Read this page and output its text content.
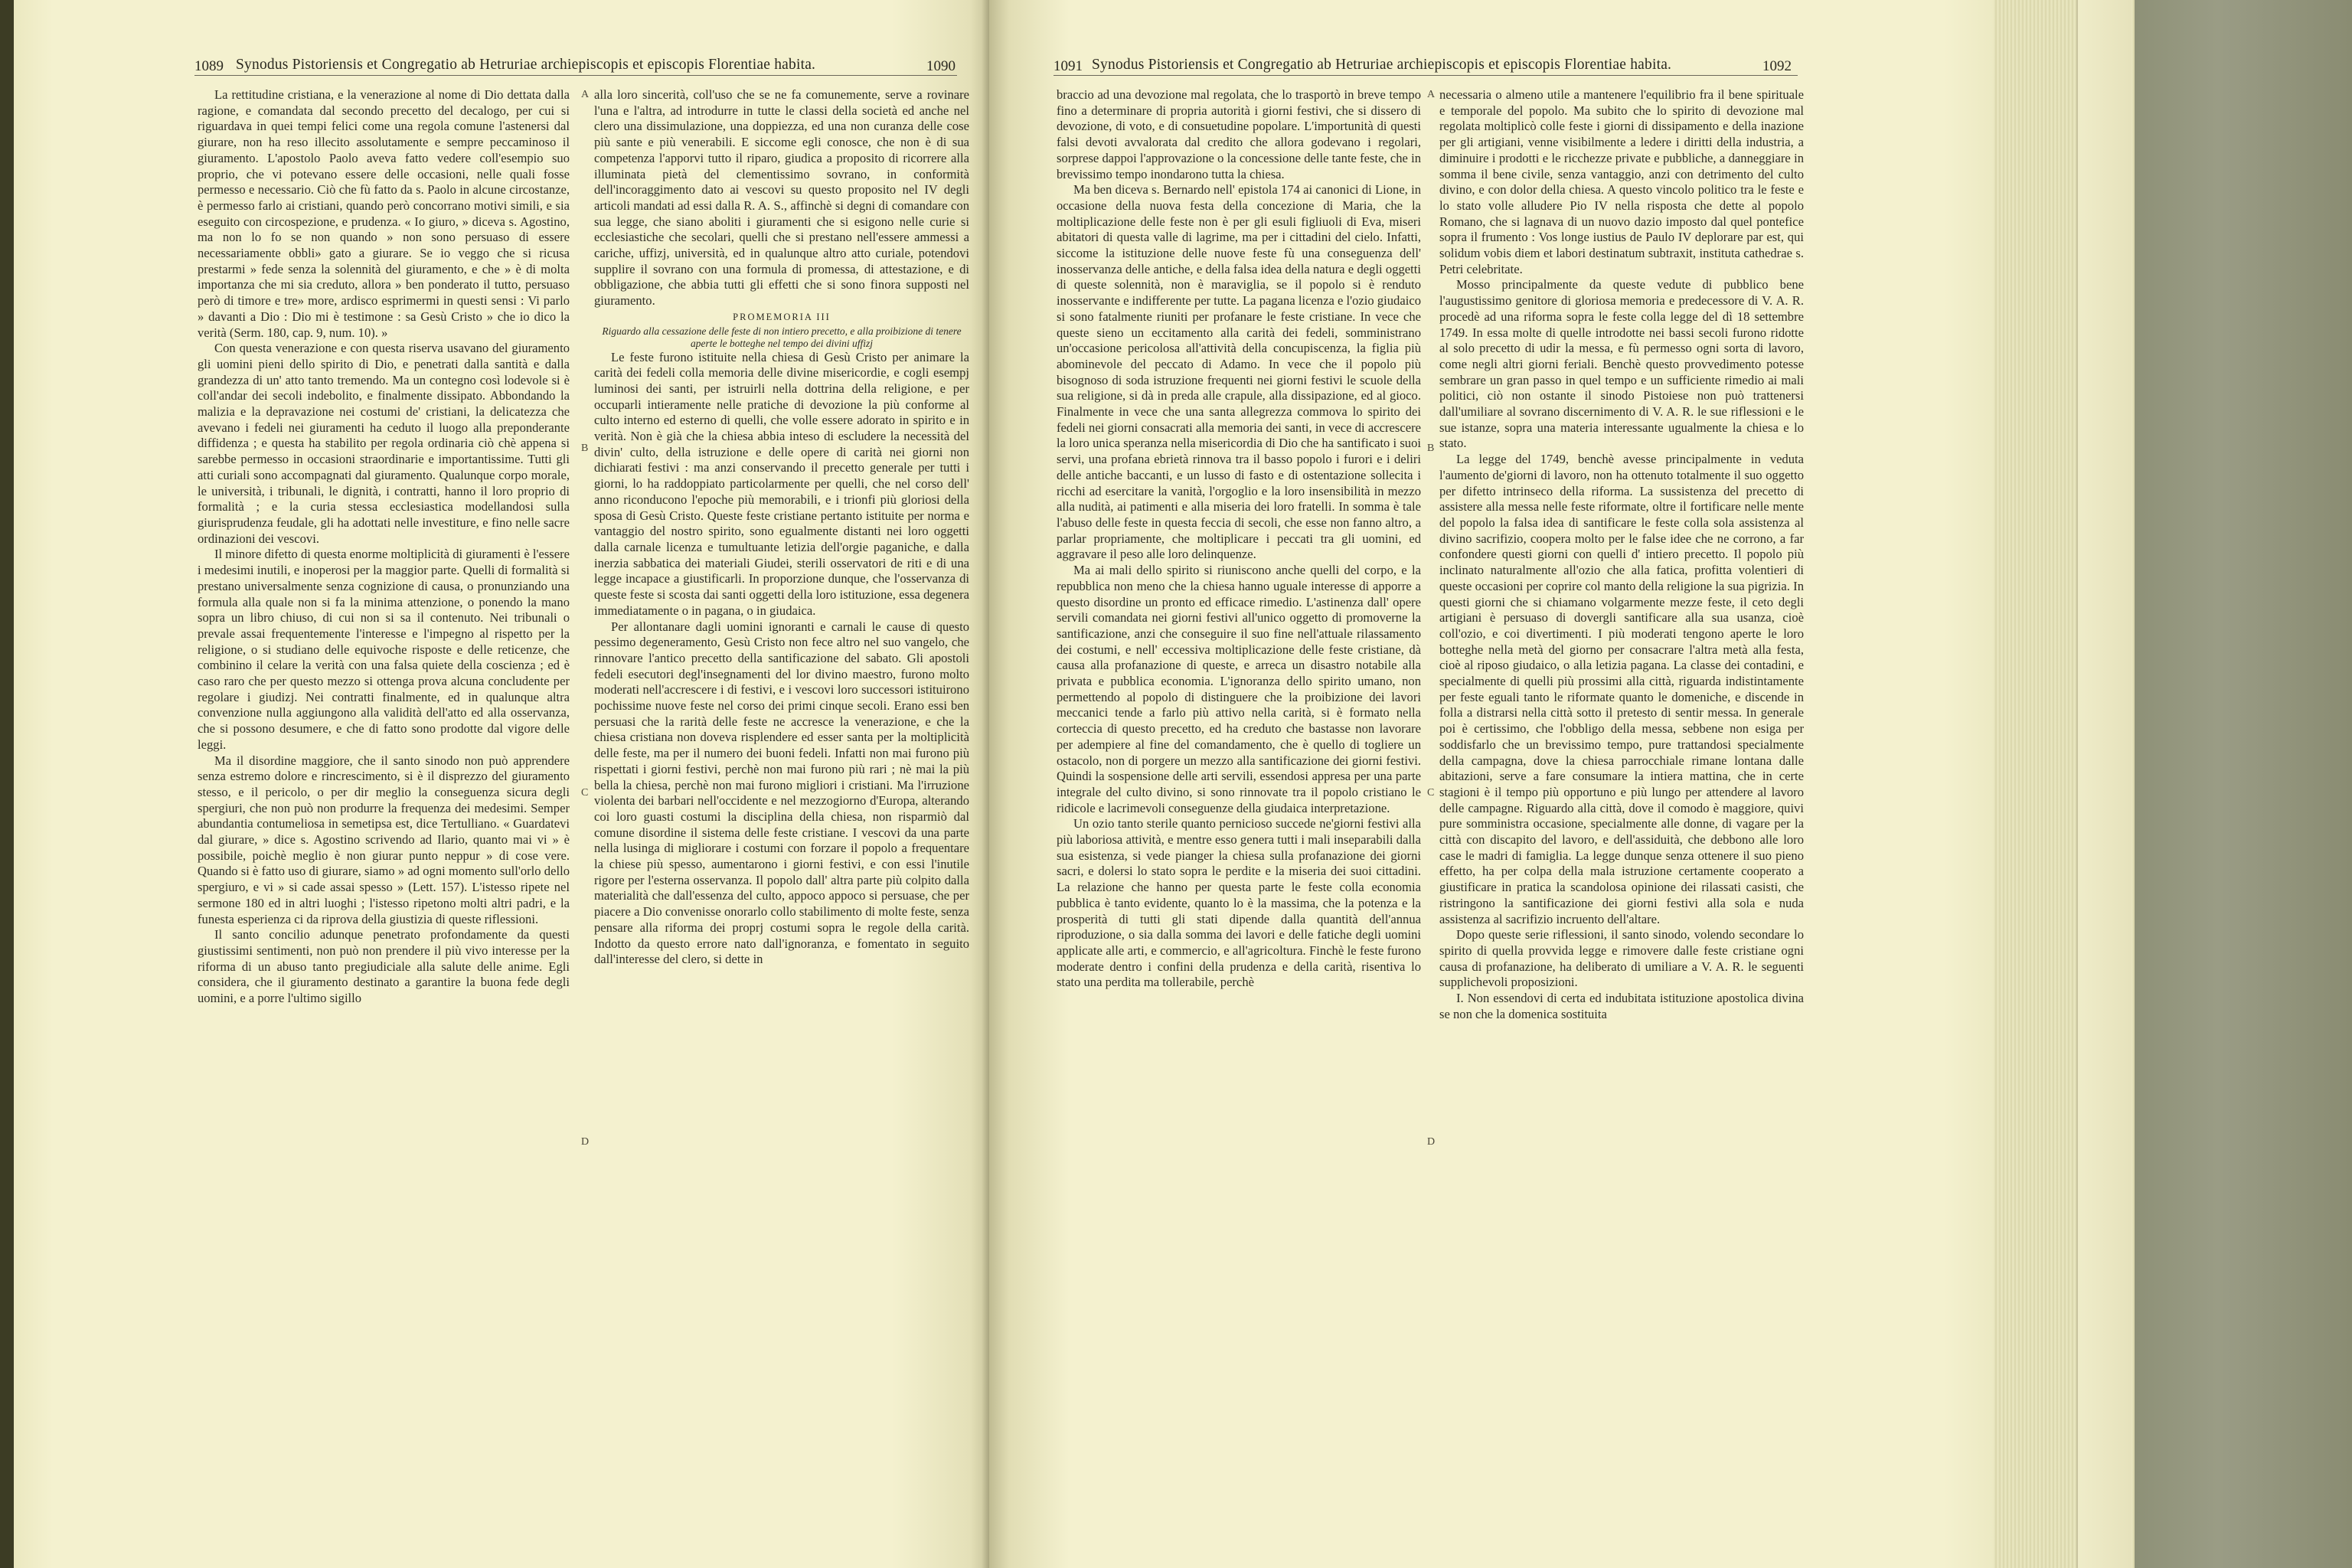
1089 Synodus Pistoriensis et Congregatio ab Hetruriae archiepiscopis et episcopis Florentiae habita.	1090

La rettitudine cristiana, e la venerazione al nome di Dio dettata dalla ragione, e comandata dal secondo precetto del decalogo, per cui si riguardava in quei tempi felici come una regola comune l'astenersi dal giurare, non ha reso illecito assolutamente e sempre peccaminoso il giuramento. L'apostolo Paolo aveva fatto vedere coll'esempio suo proprio, che vi potevano essere delle occasioni, nelle quali fosse permesso e necessario. Ciò che fù fatto da s. Paolo in alcune circostanze, è permesso farlo ai cristiani, quando però concorrano motivi simili, e sia eseguito con circospezione, e prudenza. « Io giuro, » diceva s. Agostino, ma non lo fo se non quando » non sono persuaso di essere necessariamente obbli» gato a giurare. Se io veggo che si ricusa prestarmi » fede senza la solennità del giuramento, e che » è di molta importanza che mi sia creduto, allora » ben ponderato il tutto, persuaso però di timore e tre» more, ardisco esprimermi in questi sensi : Vi parlo » davanti a Dio : Dio mi è testimone : sa Gesù Cristo » che io dico la verità (Serm. 180, cap. 9, num. 10). »

Con questa venerazione e con questa riserva usavano del giuramento gli uomini pieni dello spirito di Dio, e penetrati dalla santità e dalla grandezza di un' atto tanto tremendo. Ma un contegno così lodevole si è coll'andar dei secoli indebolito, e finalmente dissipato. Abbondando la malizia e la depravazione nei costumi de' cristiani, la delicatezza che avevano i fedeli nei giuramenti ha ceduto il luogo alla preponderante diffidenza ; e questa ha stabilito per regola ordinaria ciò chè appena si sarebbe permesso in occasioni straordinarie e importantissime. Tutti gli atti curiali sono accompagnati dal giuramento. Qualunque corpo morale, le università, i tribunali, le dignità, i contratti, hanno il loro proprio di formalità ; e la curia stessa ecclesiastica modellandosi sulla giurisprudenza feudale, gli ha adottati nelle investiture, e fino nelle sacre ordinazioni dei vescovi.

Il minore difetto di questa enorme moltiplicità di giuramenti è l'essere i medesimi inutili, e inoperosi per la maggior parte. Quelli di formalità si prestano universalmente senza cognizione di causa, o pronunziando una formula alla quale non si fa la minima attenzione, o ponendo la mano sopra un libro chiuso, di cui non si sa il contenuto. Nei tribunali o prevale assai frequentemente l'interesse e l'impegno al rispetto per la religione, o si studiano delle equivoche risposte e delle reticenze, che combinino il celare la verità con una falsa quiete della coscienza ; ed è caso raro che per questo mezzo si ottenga prova alcuna concludente per regolare i giudizj. Nei contratti finalmente, ed in qualunque altra convenzione nulla aggiungono alla validità dell'atto ed alla osservanza, che si possono desumere, e che di fatto sono prodotte dal vigore delle leggi.

Ma il disordine maggiore, che il santo sinodo non può apprendere senza estremo dolore e rincrescimento, si è il disprezzo del giuramento stesso, e il pericolo, o per dir meglio la conseguenza sicura degli spergiuri, che non può non produrre la frequenza dei medesimi. Semper abundantia contumeliosa in semetipsa est, dice Tertulliano. « Guardatevi dal giurare, » dice s. Agostino scrivendo ad Ilario, quanto mai vi » è possibile, poichè meglio è non giurar punto neppur » di cose vere. Quando si è fatto uso di giurare, siamo » ad ogni momento sull'orlo dello spergiuro, e vi » si cade assai spesso » (Lett. 157). L'istesso ripete nel sermone 180 ed in altri luoghi ; l'istesso ripetono molti altri padri, e la funesta esperienza ci da riprova della giustizia di queste riflessioni.

Il santo concilio adunque penetrato profondamente da questi giustissimi sentimenti, non può non prendere il più vivo interesse per la riforma di un abuso tanto pregiudiciale alla salute delle anime. Egli considera, che il giuramento destinato a garantire la buona fede degli uomini, e a porre l'ultimo sigillo

alla loro sincerità, coll'uso che se ne fa comunemente, serve a rovinare l'una e l'altra, ad introdurre in tutte le classi della società ed anche nel clero una dissimulazione, una doppiezza, ed una non curanza delle cose più sante e più venerabili. E siccome egli conosce, che non è di sua competenza l'apporvi tutto il riparo, giudica a proposito di ricorrere alla illuminata pietà del clementissimo sovrano, in conformità dell'incoraggimento dato ai vescovi su questo proposito nel IV degli articoli mandati ad essi dalla R. A. S., affinchè si degni di comandare con sua legge, che siano aboliti i giuramenti che si esigono nelle curie si ecclesiastiche che secolari, quelli che si prestano nell'essere ammessi a cariche, uffizj, università, ed in qualunque altro atto curiale, potendovi supplire il sovrano con una formula di promessa, di attestazione, e di obbligazione, che abbia tutti gli effetti che si sono finora supposti nel giuramento.

PROMEMORIA III

Riguardo alla cessazione delle feste di non intiero precetto, e alla proibizione di tenere aperte le botteghe nel tempo dei divini uffizj

Le feste furono istituite nella chiesa di Gesù Cristo per animare la carità dei fedeli colla memoria delle divine misericordie, e cogli esempj luminosi dei santi, per istruirli nella dottrina della religione, e per occuparli intieramente nelle pratiche di devozione la più conforme al culto interno ed esterno di quelli, che volle essere adorato in spirito e in verità. Non è già che la chiesa abbia inteso di escludere la necessità del divin' culto, della istruzione e delle opere di carità nei giorni non dichiarati festivi : ma anzi conservando il precetto generale per tutti i giorni, lo ha raddoppiato particolarmente per quelli, che nel corso dell' anno riconducono l'epoche più memorabili, e i trionfi più gloriosi della sposa di Gesù Cristo. Queste feste cristiane pertanto istituite per norma e vantaggio del nostro spirito, sono egualmente distanti nei loro oggetti dalla carnale licenza e tumultuante letizia dell'orgie paganiche, e dalla inerzia sabbatica dei materiali Giudei, sterili osservatori de riti e di una legge incapace a giustificarli. In proporzione dunque, che l'osservanza di queste feste si scosta dai santi oggetti della loro istituzione, essa degenera immediatamente o in pagana, o in giudaica.

Per allontanare dagli uomini ignoranti e carnali le cause di questo pessimo degeneramento, Gesù Cristo non fece altro nel suo vangelo, che rinnovare l'antico precetto della santificazione del sabato. Gli apostoli fedeli esecutori degl'insegnamenti del lor divino maestro, furono molto moderati nell'accrescere i di festivi, e i vescovi loro successori istituirono pochissime nuove feste nel corso dei primi cinque secoli. Erano essi ben persuasi che la rarità delle feste ne accresce la venerazione, e che la chiesa cristiana non doveva risplendere ed esser santa per la moltiplicità delle feste, ma per il numero dei buoni fedeli. Infatti non mai furono più rispettati i giorni festivi, perchè non mai furono più rari ; nè mai la più bella la chiesa, perchè non mai furono migliori i cristiani. Ma l'irruzione violenta dei barbari nell'occidente e nel mezzogiorno d'Europa, alterando coi loro guasti costumi la disciplina della chiesa, non risparmiò dal comune disordine il sistema delle feste cristiane. I vescovi da una parte nella lusinga di migliorare i costumi con forzare il popolo a frequentare la chiese più spesso, aumentarono i giorni festivi, e con essi l'inutile rigore per l'esterna osservanza. Il popolo dall' altra parte più colpito dalla materialità che dall'essenza del culto, appoco appoco si persuase, che per piacere a Dio convenisse onorarlo collo stabilimento di molte feste, senza pensare alla riforma dei proprj costumi sopra le regole della carità. Indotto da questo errore nato dall'ignoranza, e fomentato in seguito dall'interesse del clero, si dette in

A
B
C
D
1091 Synodus Pistoriensis et Congregatio ab Hetruriae archiepiscopis et episcopis Florentiae habita.	1092

braccio ad una devozione mal regolata, che lo trasportò in breve tempo fino a determinare di propria autorità i giorni festivi, che si dissero di devozione, di voto, e di consuetudine popolare. L'importunità di questi falsi devoti avvalorata dal credito che allora godevano i regolari, sorprese dappoi l'approvazione o la concessione delle tante feste, che in brevissimo tempo inondarono tutta la chiesa.

Ma ben diceva s. Bernardo nell' epistola 174 ai canonici di Lione, in occasione della nuova festa della concezione di Maria, che la moltiplicazione delle feste non è per gli esuli figliuoli di Eva, miseri abitatori di questa valle di lagrime, ma per i cittadini del cielo. Infatti, siccome la istituzione delle nuove feste fù una conseguenza dell' inosservanza delle antiche, e della falsa idea della natura e degli oggetti di queste solennità, non è maraviglia, se il popolo si è renduto inosservante e indifferente per tutte. La pagana licenza e l'ozio giudaico si sono fatalmente riuniti per profanare le feste cristiane. In vece che queste sieno un eccitamento alla carità dei fedeli, somministrano un'occasione pericolosa all'attività della concupiscenza, la figlia più abominevole del peccato di Adamo. In vece che il popolo più bisognoso di soda istruzione frequenti nei giorni festivi le scuole della sua religione, si dà in preda alle crapule, alla dissipazione, ed al gioco. Finalmente in vece che una santa allegrezza commova lo spirito dei fedeli nei giorni consacrati alla memoria dei santi, in vece di accrescere la loro unica speranza nella misericordia di Dio che ha santificato i suoi servi, una profana ebrietà rinnova tra il basso popolo i furori e i deliri delle antiche baccanti, e un lusso di fasto e di ostentazione sollecita i ricchi ad esercitare la vanità, l'orgoglio e la loro insensibilità in mezzo alla nudità, ai patimenti e alla miseria dei loro fratelli. In somma è tale l'abuso delle feste in questa feccia di secoli, che esse non fanno altro, a parlar propriamente, che moltiplicare i peccati tra gli uomini, ed aggravare il peso alle loro delinquenze.

Ma ai mali dello spirito si riuniscono anche quelli del corpo, e la repubblica non meno che la chiesa hanno uguale interesse di apporre a questo disordine un pronto ed efficace rimedio. L'astinenza dall' opere servili comandata nei giorni festivi all'unico oggetto di promoverne la santificazione, anzi che conseguire il suo fine nell'attuale rilassamento dei costumi, e nell' eccessiva moltiplicazione delle feste cristiane, dà causa alla profanazione di queste, e arreca un disastro notabile alla privata e pubblica economia. L'ignoranza dello spirito umano, non permettendo al popolo di distinguere che la proibizione dei lavori meccanici tende a farlo più attivo nella carità, si è formato nella corteccia di questo precetto, ed ha creduto che bastasse non lavorare per adempiere al fine del comandamento, che è quello di togliere un ostacolo, non di porgere un mezzo alla santificazione dei giorni festivi. Quindi la sospensione delle arti servili, essendosi appresa per una parte integrale del culto divino, si sono rinnovate tra il popolo cristiano le ridicole e lacrimevoli conseguenze della giudaica interpretazione.

Un ozio tanto sterile quanto pernicioso succede ne'giorni festivi alla più laboriosa attività, e mentre esso genera tutti i mali inseparabili dalla sua esistenza, si vede pianger la chiesa sulla profanazione dei giorni sacri, e dolersi lo stato sopra le perdite e la miseria dei suoi cittadini. La relazione che hanno per questa parte le feste colla economia pubblica è tanto evidente, quanto lo è la massima, che la potenza e la prosperità di tutti gli stati dipende dalla quantità dell'annua riproduzione, o sia dalla somma dei lavori e delle fatiche degli uomini applicate alle arti, e commercio, e all'agricoltura. Finchè le feste furono moderate dentro i confini della prudenza e della carità, risentiva lo stato una perdita ma tollerabile, perchè

necessaria o almeno utile a mantenere l'equilibrio fra il bene spirituale e temporale del popolo. Ma subito che lo spirito di devozione mal regolata moltiplicò colle feste i giorni di dissipamento e della inazione per gli artigiani, venne visibilmente a ledere i diritti della industria, a diminuire i prodotti e le ricchezze private e pubbliche, a danneggiare in somma il bene civile, senza vantaggio, anzi con detrimento del culto divino, e con dolor della chiesa. A questo vincolo politico tra le feste e lo stato volle alludere Pio IV nella risposta che dette al popolo Romano, che si lagnava di un nuovo dazio imposto dal quel pontefice sopra il frumento : Vos longe iustius de Paulo IV deplorare par est, qui solidum vobis diem et labori destinatum subtraxit, instituta cathedrae s. Petri celebritate.

Mosso principalmente da queste vedute di pubblico bene l'augustissimo genitore di gloriosa memoria e predecessore di V. A. R. procedè ad una riforma sopra le feste colla legge del dì 18 settembre 1749. In essa molte di quelle introdotte nei bassi secoli furono ridotte al solo precetto di udir la messa, e fù permesso ogni sorta di lavoro, come negli altri giorni feriali. Benchè questo provvedimento potesse sembrare un gran passo in quel tempo e un sufficiente rimedio ai mali politici, ciò non ostante il sinodo Pistoiese non può trattenersi dall'umiliare al sovrano discernimento di V. A. R. le sue riflessioni e le sue istanze, sopra una materia interessante ugualmente la chiesa e lo stato.

La legge del 1749, benchè avesse principalmente in veduta l'aumento de'giorni di lavoro, non ha ottenuto totalmente il suo oggetto per difetto intrinseco della riforma. La sussistenza del precetto di assistere alla messa nelle feste riformate, oltre il fortificare nelle mente del popolo la falsa idea di santificare le feste colla sola assistenza al divino sacrifizio, coopera molto per le false idee che ne corrono, a far confondere questi giorni con quelli d' intiero precetto. Il popolo più inclinato naturalmente all'ozio che alla fatica, profitta volentieri di queste occasioni per coprire col manto della religione la sua pigrizia. In questi giorni che si chiamano volgarmente mezze feste, il ceto degli artigiani è persuaso di dovergli santificare alla sua usanza, cioè coll'ozio, e coi divertimenti. I più moderati tengono aperte le loro botteghe nella metà del giorno per consacrare l'altra metà alla festa, cioè al riposo giudaico, o alla letizia pagana. La classe dei contadini, e specialmente di quelli più prossimi alla città, riguarda indistintamente per feste eguali tanto le riformate quanto le domeniche, e discende in folla a distrarsi nella città sotto il pretesto di sentir messa. In generale poi è certissimo, che l'obbligo della messa, sebbene non esiga per soddisfarlo che un brevissimo tempo, pure trattandosi specialmente della campagna, dove la chiesa parrocchiale rimane lontana dalle abitazioni, serve a fare consumare la intiera mattina, che in certe stagioni è il tempo più opportuno e più lungo per attendere al lavoro delle campagne. Riguardo alla città, dove il comodo è maggiore, quivi pure somministra occasione, specialmente alle donne, di vagare per la città con discapito del lavoro, e dell'assiduità, che debbono alle loro case le madri di famiglia. La legge dunque senza ottenere il suo pieno effetto, ha per colpa della mala istruzione certamente cooperato a giustificare in pratica la scandolosa opinione dei rilassati casisti, che ristringono la santificazione dei giorni festivi alla sola e nuda assistenza al sacrifizio incruento dell'altare.

Dopo queste serie riflessioni, il santo sinodo, volendo secondare lo spirito di quella provvida legge e rimovere dalle feste cristiane ogni causa di profanazione, ha deliberato di umiliare a V. A. R. le seguenti supplichevoli proposizioni.

I. Non essendovi di certa ed indubitata istituzione apostolica divina se non che la domenica sostituita

A
B
C
D
